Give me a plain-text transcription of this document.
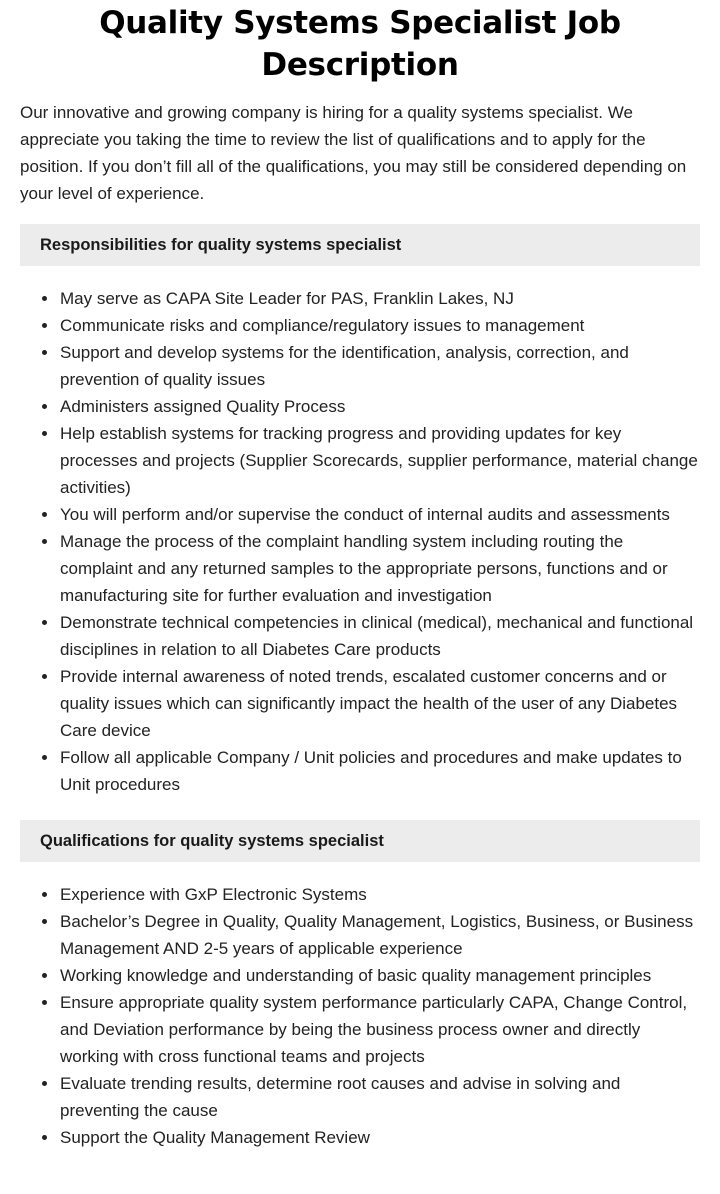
Quality Systems Specialist Job Description

Our innovative and growing company is hiring for a quality systems specialist. We appreciate you taking the time to review the list of qualifications and to apply for the position. If you don’t fill all of the qualifications, you may still be considered depending on your level of experience.

Responsibilities for quality systems specialist
May serve as CAPA Site Leader for PAS, Franklin Lakes, NJ
Communicate risks and compliance/regulatory issues to management
Support and develop systems for the identification, analysis, correction, and prevention of quality issues
Administers assigned Quality Process
Help establish systems for tracking progress and providing updates for key processes and projects (Supplier Scorecards, supplier performance, material change activities)
You will perform and/or supervise the conduct of internal audits and assessments
Manage the process of the complaint handling system including routing the complaint and any returned samples to the appropriate persons, functions and or manufacturing site for further evaluation and investigation
Demonstrate technical competencies in clinical (medical), mechanical and functional disciplines in relation to all Diabetes Care products
Provide internal awareness of noted trends, escalated customer concerns and or quality issues which can significantly impact the health of the user of any Diabetes Care device
Follow all applicable Company / Unit policies and procedures and make updates to Unit procedures
Qualifications for quality systems specialist
Experience with GxP Electronic Systems
Bachelor’s Degree in Quality, Quality Management, Logistics, Business, or Business Management AND 2-5 years of applicable experience
Working knowledge and understanding of basic quality management principles
Ensure appropriate quality system performance particularly CAPA, Change Control, and Deviation performance by being the business process owner and directly working with cross functional teams and projects
Evaluate trending results, determine root causes and advise in solving and preventing the cause
Support the Quality Management Review
